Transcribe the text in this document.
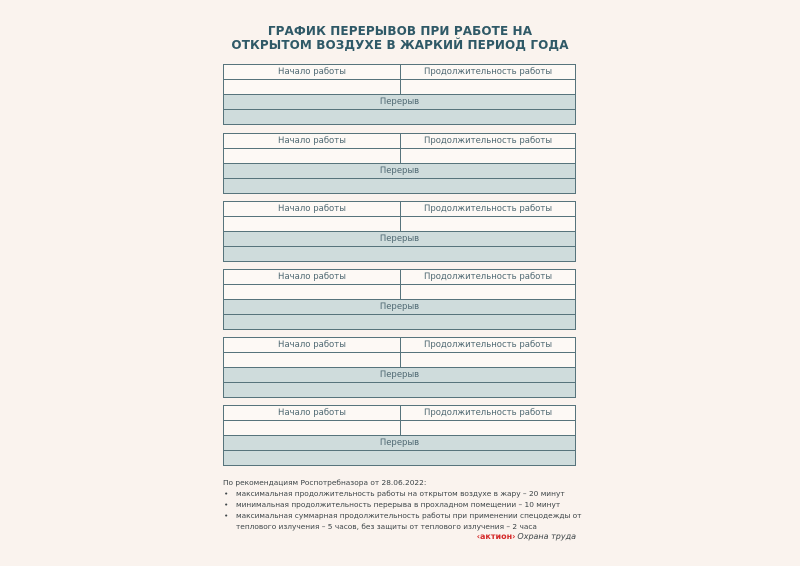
ГРАФИК ПЕРЕРЫВОВ ПРИ РАБОТЕ НА
ОТКРЫТОМ ВОЗДУХЕ В ЖАРКИЙ ПЕРИОД ГОДА
Начало работы	Продолжительность работы
Перерыв
Начало работы	Продолжительность работы
Перерыв
Начало работы	Продолжительность работы
Перерыв
Начало работы	Продолжительность работы
Перерыв
Начало работы	Продолжительность работы
Перерыв
Начало работы	Продолжительность работы
Перерыв
По рекомендациям Роспотребназора от 28.06.2022:
• максимальная продолжительность работы на открытом воздухе в жару – 20 минут
• минимальная продолжительность перерыва в прохладном помещении – 10 минут
• максимальная суммарная продолжительность работы при применении спецодежды от теплового излучения – 5 часов, без защиты от теплового излучения – 2 часа
‹актион› Охрана труда
